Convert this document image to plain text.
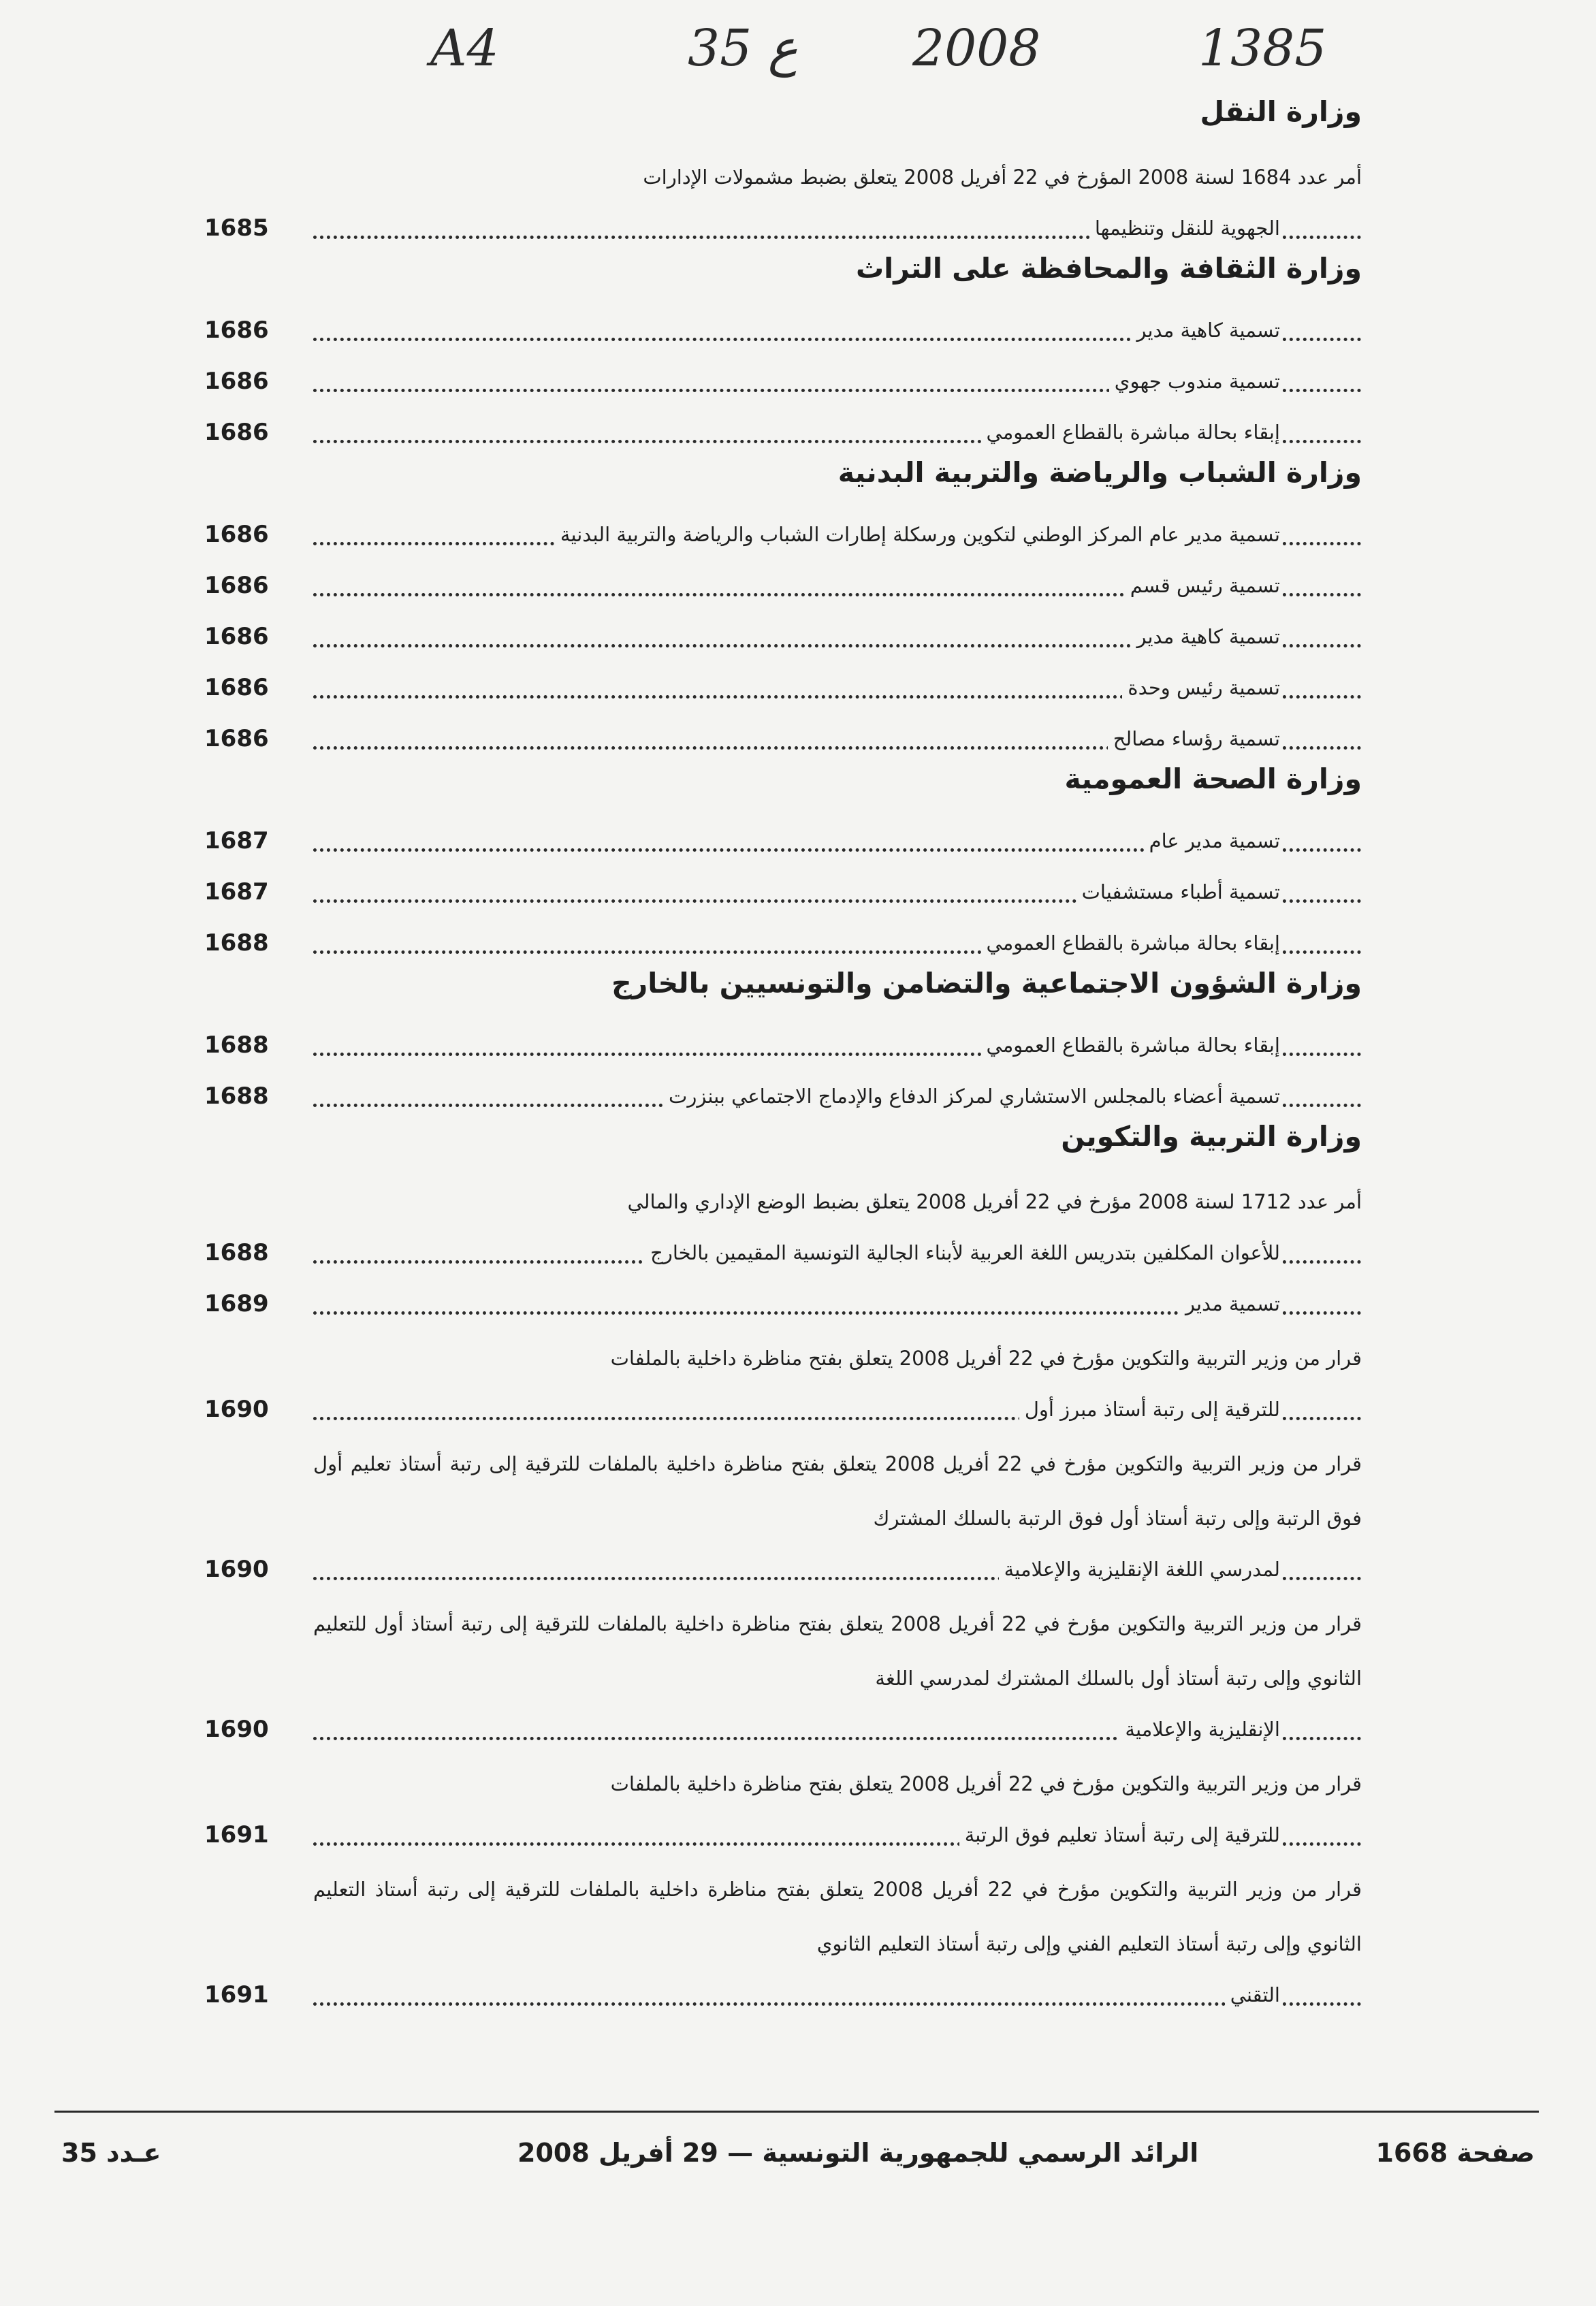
A4	35 ع 2008	1385
وزارة النقل
أمر عدد 1684 لسنة 2008 المؤرخ في 22 أفريل 2008 يتعلق بضبط مشمولات الإدارات
الجهوية للنقل وتنظيمها
1685
وزارة الثقافة والمحافظة على التراث
تسمية كاهية مدير
1686
تسمية مندوب جهوي
1686
إبقاء بحالة مباشرة بالقطاع العمومي
1686
وزارة الشباب والرياضة والتربية البدنية
تسمية مدير عام المركز الوطني لتكوين ورسكلة إطارات الشباب والرياضة والتربية البدنية
1686
تسمية رئيس قسم
1686
تسمية كاهية مدير
1686
تسمية رئيس وحدة
1686
تسمية رؤساء مصالح
1686
وزارة الصحة العمومية
تسمية مدير عام
1687
تسمية أطباء مستشفيات
1687
إبقاء بحالة مباشرة بالقطاع العمومي
1688
وزارة الشؤون الاجتماعية والتضامن والتونسيين بالخارج
إبقاء بحالة مباشرة بالقطاع العمومي
1688
تسمية أعضاء بالمجلس الاستشاري لمركز الدفاع والإدماج الاجتماعي ببنزرت
1688
وزارة التربية والتكوين
أمر عدد 1712 لسنة 2008 مؤرخ في 22 أفريل 2008 يتعلق بضبط الوضع الإداري والمالي
للأعوان المكلفين بتدريس اللغة العربية لأبناء الجالية التونسية المقيمين بالخارج
1688
تسمية مدير
1689
قرار من وزير التربية والتكوين مؤرخ في 22 أفريل 2008 يتعلق بفتح مناظرة داخلية بالملفات
للترقية إلى رتبة أستاذ مبرز أول
1690
قرار من وزير التربية والتكوين مؤرخ في 22 أفريل 2008 يتعلق بفتح مناظرة داخلية بالملفات للترقية إلى رتبة أستاذ تعليم أول فوق الرتبة وإلى رتبة أستاذ أول فوق الرتبة بالسلك المشترك
لمدرسي اللغة الإنقليزية والإعلامية
1690
قرار من وزير التربية والتكوين مؤرخ في 22 أفريل 2008 يتعلق بفتح مناظرة داخلية بالملفات للترقية إلى رتبة أستاذ أول للتعليم الثانوي وإلى رتبة أستاذ أول بالسلك المشترك لمدرسي اللغة
الإنقليزية والإعلامية
1690
قرار من وزير التربية والتكوين مؤرخ في 22 أفريل 2008 يتعلق بفتح مناظرة داخلية بالملفات
للترقية إلى رتبة أستاذ تعليم فوق الرتبة
1691
قرار من وزير التربية والتكوين مؤرخ في 22 أفريل 2008 يتعلق بفتح مناظرة داخلية بالملفات للترقية إلى رتبة أستاذ التعليم الثانوي وإلى رتبة أستاذ التعليم الفني وإلى رتبة أستاذ التعليم الثانوي
التقني
1691
صفحة 1668
الرائد الرسمي للجمهورية التونسية — 29 أفريل 2008
عـدد 35
